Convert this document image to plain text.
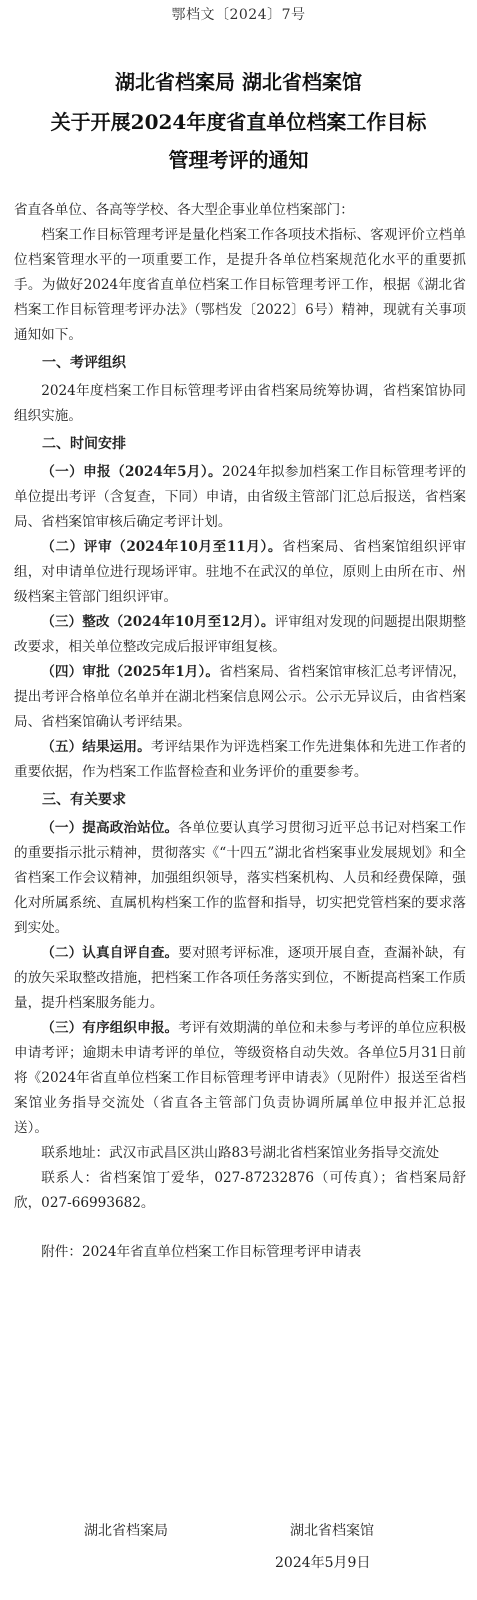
鄂档文〔2024〕7号
湖北省档案局 湖北省档案馆
关于开展2024年度省直单位档案工作目标
管理考评的通知

省直各单位、各高等学校、各大型企事业单位档案部门：

档案工作目标管理考评是量化档案工作各项技术指标、客观评价立档单位档案管理水平的一项重要工作，是提升各单位档案规范化水平的重要抓手。为做好2024年度省直单位档案工作目标管理考评工作，根据《湖北省档案工作目标管理考评办法》（鄂档发〔2022〕6号）精神，现就有关事项通知如下。

一、考评组织

2024年度档案工作目标管理考评由省档案局统筹协调，省档案馆协同组织实施。

二、时间安排

（一）申报（2024年5月）。2024年拟参加档案工作目标管理考评的单位提出考评（含复查，下同）申请，由省级主管部门汇总后报送，省档案局、省档案馆审核后确定考评计划。

（二）评审（2024年10月至11月）。省档案局、省档案馆组织评审组，对申请单位进行现场评审。驻地不在武汉的单位，原则上由所在市、州级档案主管部门组织评审。

（三）整改（2024年10月至12月）。评审组对发现的问题提出限期整改要求，相关单位整改完成后报评审组复核。

（四）审批（2025年1月）。省档案局、省档案馆审核汇总考评情况，提出考评合格单位名单并在湖北档案信息网公示。公示无异议后，由省档案局、省档案馆确认考评结果。

（五）结果运用。考评结果作为评选档案工作先进集体和先进工作者的重要依据，作为档案工作监督检查和业务评价的重要参考。

三、有关要求

（一）提高政治站位。各单位要认真学习贯彻习近平总书记对档案工作的重要指示批示精神，贯彻落实《“十四五”湖北省档案事业发展规划》和全省档案工作会议精神，加强组织领导，落实档案机构、人员和经费保障，强化对所属系统、直属机构档案工作的监督和指导，切实把党管档案的要求落到实处。

（二）认真自评自查。要对照考评标准，逐项开展自查，查漏补缺，有的放矢采取整改措施，把档案工作各项任务落实到位，不断提高档案工作质量，提升档案服务能力。

（三）有序组织申报。考评有效期满的单位和未参与考评的单位应积极申请考评；逾期未申请考评的单位，等级资格自动失效。各单位5月31日前将《2024年省直单位档案工作目标管理考评申请表》（见附件）报送至省档案馆业务指导交流处（省直各主管部门负责协调所属单位申报并汇总报送）。

联系地址：武汉市武昌区洪山路83号湖北省档案馆业务指导交流处

联系人：省档案馆丁爱华，027-87232876（可传真）；省档案局舒欣，027-66993682。

附件：2024年省直单位档案工作目标管理考评申请表

湖北省档案局	湖北省档案馆
2024年5月9日
